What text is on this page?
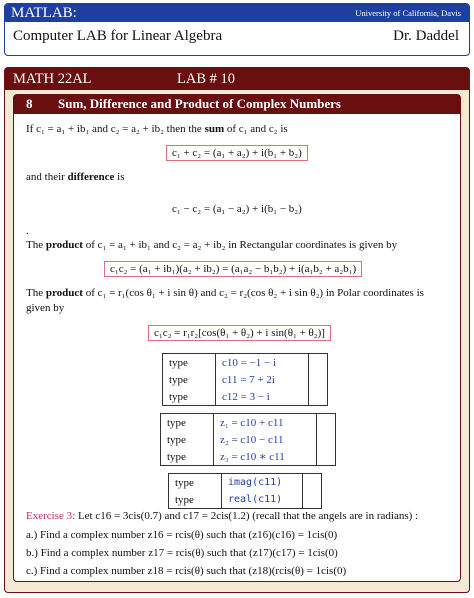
MATLAB:	University of California, Davis
Computer LAB for Linear Algebra	Dr. Daddel
MATH 22AL	LAB # 10
8 Sum, Difference and Product of Complex Numbers
If c₁ = a₁ + ib₁ and c₂ = a₂ + ib₂ then the sum of c₁ and c₂ is
c₁ + c₂ = (a₁ + a₂) + i(b₁ + b₂)
and their difference is
c₁ − c₂ = (a₁ − a₂) + i(b₁ − b₂)
.
The product of c₁ = a₁ + ib₁ and c₂ = a₂ + ib₂ in Rectangular coordinates is given by
c₁c₂ = (a₁ + ib₁)(a₂ + ib₂) = (a₁a₂ − b₁b₂) + i(a₁b₂ + a₂b₁)
The product of c₁ = r₁(cos θ₁ + i sin θ) and c₂ = r₂(cos θ₂ + i sin θ₂) in Polar coordinates is
given by
c₁c₂ = r₁r₂[cos(θ₁ + θ₂) + i sin(θ₁ + θ₂)]
type	c10 = −1 − i	
type	c11 = 7 + 2i	
type	c12 = 3 − i	
type	z₁ = c10 + c11	
type	z₂ = c10 − c11	
type	z₃ = c10 ∗ c11	
type	imag(c11)	
type	real(c11)	
Exercise 3: Let c16 = 3cis(0.7) and c17 = 2cis(1.2) (recall that the angels are in radians) :
a.) Find a complex number z16 = rcis(θ) such that (z16)(c16) = 1cis(0)
b.) Find a complex number z17 = rcis(θ) such that (z17)(c17) = 1cis(0)
c.) Find a complex number z18 = rcis(θ) such that (z18)(rcis(θ) = 1cis(0)
